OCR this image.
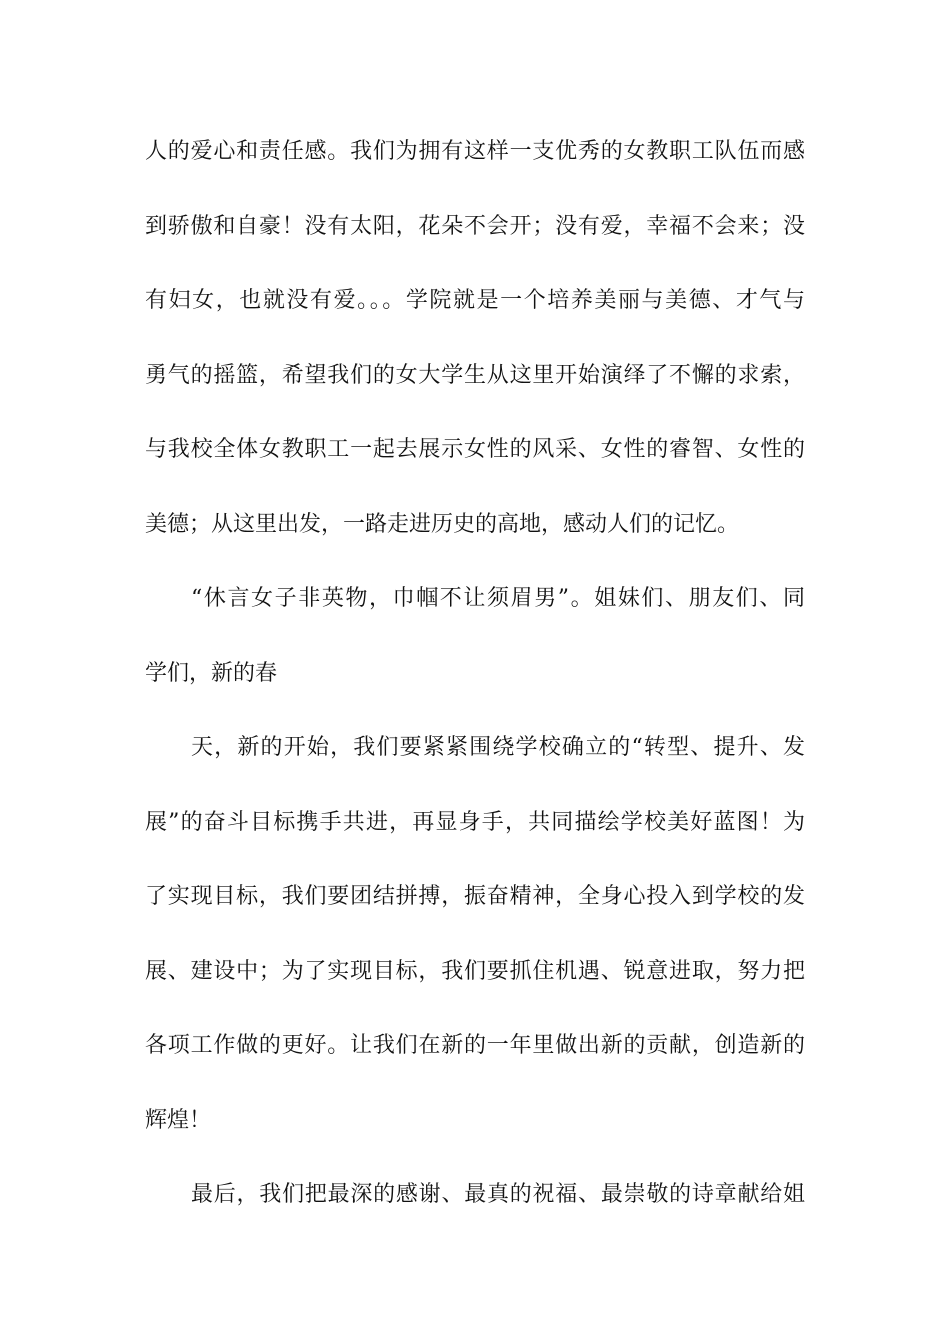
人的爱心和责任感。我们为拥有这样一支优秀的女教职工队伍而感
到骄傲和自豪！没有太阳，花朵不会开；没有爱，幸福不会来；没
有妇女，也就没有爱。。。学院就是一个培养美丽与美德、才气与
勇气的摇篮，希望我们的女大学生从这里开始演绎了不懈的求索，
与我校全体女教职工一起去展示女性的风采、女性的睿智、女性的
美德；从这里出发，一路走进历史的高地，感动人们的记忆。
“休言女子非英物，巾帼不让须眉男”。姐妹们、朋友们、同
学们，新的春
天，新的开始，我们要紧紧围绕学校确立的“转型、提升、发
展”的奋斗目标携手共进，再显身手，共同描绘学校美好蓝图！为
了实现目标，我们要团结拼搏，振奋精神，全身心投入到学校的发
展、建设中；为了实现目标，我们要抓住机遇、锐意进取，努力把
各项工作做的更好。让我们在新的一年里做出新的贡献，创造新的
辉煌！
最后，我们把最深的感谢、最真的祝福、最崇敬的诗章献给姐
